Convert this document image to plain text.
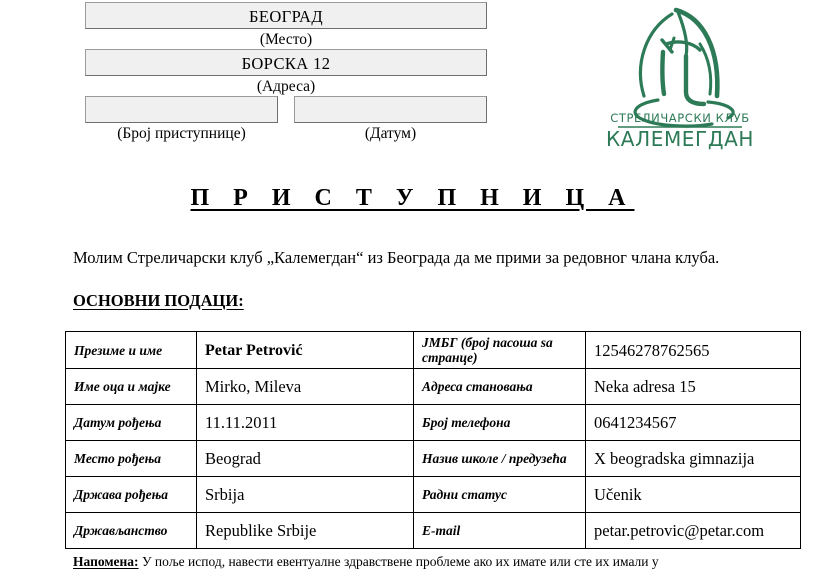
БЕОГРАД
(Место)
БОРСКА 12
(Адреса)
(Број приступнице)	(Датум)
СТРЕЛИЧАРСКИ КЛУБ
КАЛЕМЕГДАН
П Р И С Т У П Н И Ц А

Молим Стреличарски клуб „Калемегдан“ из Београда да ме прими за редовног члана клуба.

ОСНОВНИ ПОДАЦИ:
Презиме и име	Petar Petrović	ЈМБГ (број пасоша sa странце)	12546278762565
Име оца и мајке	Mirko, Mileva	Адреса становања	Neka adresa 15
Датум рођења	11.11.2011	Број телефона	0641234567
Место рођења	Beograd	Назив школе / предузећа	X beogradska gimnazija
Држава рођења	Srbija	Радни статус	Učenik
Држављанство	Republike Srbije	E-mail	petar.petrovic@petar.com
Напомена: У поље испод, навести евентуалне здравствене проблеме ако их имате или сте их имали у
